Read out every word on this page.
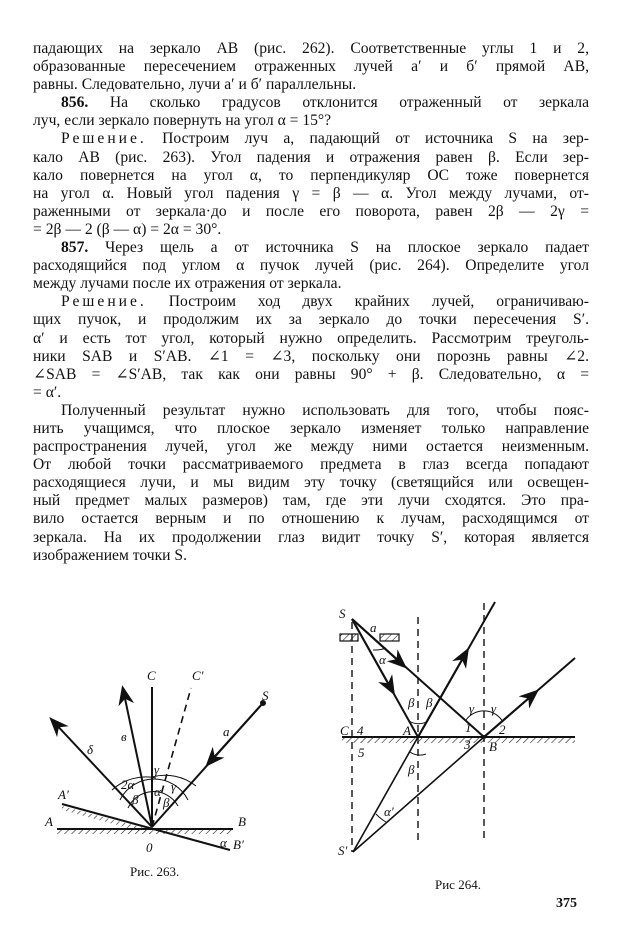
падающих на зеркало AB (рис. 262). Соответственные углы 1 и 2,
образованные пересечением отраженных лучей a′ и б′ прямой AB,
равны. Следовательно, лучи a′ и б′ параллельны.
856. На сколько градусов отклонится отраженный от зеркала
луч, если зеркало повернуть на угол α = 15°?
Решение. Построим луч a, падающий от источника S на зер-
кало AB (рис. 263). Угол падения и отражения равен β. Если зер-
кало повернется на угол α, то перпендикуляр OC тоже повернется
на угол α. Новый угол падения γ = β — α. Угол между лучами, от-
раженными от зеркала·до и после его поворота, равен 2β — 2γ =
= 2β — 2 (β — α) = 2α = 30°.
857. Через щель a от источника S на плоское зеркало падает
расходящийся под углом α пучок лучей (рис. 264). Определите угол
между лучами после их отражения от зеркала.
Решение. Построим ход двух крайних лучей, ограничиваю-
щих пучок, и продолжим их за зеркало до точки пересечения S′.
α′ и есть тот угол, который нужно определить. Рассмотрим треуголь-
ники SAB и S′AB. ∠1 = ∠3, поскольку они порознь равны ∠2.
∠SAB = ∠S′AB, так как они равны 90° + β. Следовательно, α =
= α′.
Полученный результат нужно использовать для того, чтобы пояс-
нить учащимся, что плоское зеркало изменяет только направление
распространения лучей, угол же между ними остается неизменным.
От любой точки рассматриваемого предмета в глаз всегда попадают
расходящиеся лучи, и мы видим эту точку (светящийся или освещен-
ный предмет малых размеров) там, где эти лучи сходятся. Это пра-
вило остается верным и по отношению к лучам, расходящимся от
зеркала. На их продолжении глаз видит точку S′, которая является
изображением точки S.
C	C′
S
a
δ
в
γ
2α α γ
β β
A′
A	B
0	α B′
Рис. 263.
S
a
α
β β	γ γ
C 4	A	1 2
3 B
5
β
α′
S′
Рис 264.
375
